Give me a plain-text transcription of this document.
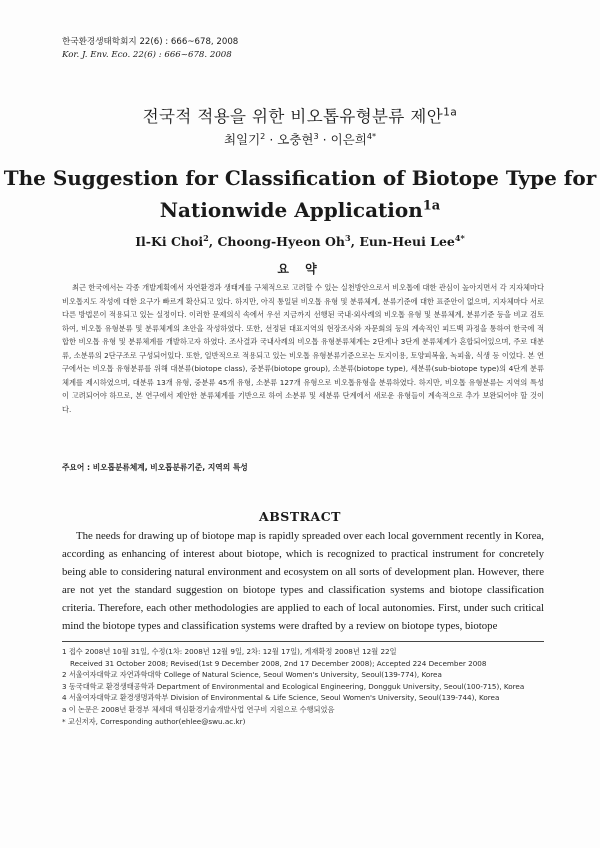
한국환경생태학회지 22(6) : 666~678, 2008
Kor. J. Env. Eco. 22(6) : 666~678. 2008
전국적 적용을 위한 비오톱유형분류 제안$^{1a}$
최일기$^2$ · 오충현$^3$ · 이은희$^{4*}$
The Suggestion for Classification of Biotope Type for
Nationwide Application$^{1a}$
Il-Ki Choi$^2$, Choong-Hyeon Oh$^3$, Eun-Heui Lee$^{4*}$
요 약
최근 한국에서는 각종 개발계획에서 자연환경과 생태계를 구체적으로 고려할 수 있는 실천방안으로서 비오톱에 대한 관심이 높아지면서 각 지자체마다 비오톱지도 작성에 대한 요구가 빠르게 확산되고 있다. 하지만, 아직 통일된 비오톱 유형 및 분류체계, 분류기준에 대한 표준안이 없으며, 지자체마다 서로 다른 방법론이 적용되고 있는 실정이다. 이러한 문제의식 속에서 우선 지금까지 선행된 국내·외사례의 비오톱 유형 및 분류체계, 분류기준 등을 비교 검토하여, 비오톱 유형분류 및 분류체계의 초안을 작성하였다. 또한, 선정된 대표지역의 현장조사와 자문회의 등의 계속적인 피드백 과정을 통하여 한국에 적합한 비오톱 유형 및 분류체계를 개발하고자 하였다. 조사결과 국내사례의 비오톱 유형분류체계는 2단계나 3단계 분류체계가 혼합되어있으며, 주로 대분류, 소분류의 2단구조로 구성되어있다. 또한, 일반적으로 적용되고 있는 비오톱 유형분류기준으로는 토지이용, 토양피복율, 녹피율, 식생 등 이었다. 본 연구에서는 비오톱 유형분류를 위해 대분류(biotope class), 중분류(biotope group), 소분류(biotope type), 세분류(sub-biotope type)의 4단계 분류체계를 제시하였으며, 대분류 13개 유형, 중분류 45개 유형, 소분류 127개 유형으로 비오톱유형을 분류하였다. 하지만, 비오톱 유형분류는 지역의 특성이 고려되어야 하므로, 본 연구에서 제안한 분류체계를 기반으로 하여 소분류 및 세분류 단계에서 새로운 유형들이 계속적으로 추가 보완되어야 할 것이다.
주요어 : 비오톱분류체계, 비오톱분류기준, 지역의 특성
ABSTRACT
The needs for drawing up of biotope map is rapidly spreaded over each local government recently in Korea, according as enhancing of interest about biotope, which is recognized to practical instrument for concretely being able to considering natural environment and ecosystem on all sorts of development plan. However, there are not yet the standard suggestion on biotope types and classification systems and biotope classification criteria. Therefore, each other methodologies are applied to each of local autonomies. First, under such critical mind the biotope types and classification systems were drafted by a review on biotope types, biotope
1 접수 2008년 10월 31일, 수정(1차: 2008년 12월 9일, 2차: 12월 17일), 게재확정 2008년 12월 22일
Received 31 October 2008; Revised(1st 9 December 2008, 2nd 17 December 2008); Accepted 224 December 2008
2 서울여자대학교 자연과학대학 College of Natural Science, Seoul Women's University, Seoul(139-774), Korea
3 동국대학교 환경생태공학과 Department of Environmental and Ecological Engineering, Dongguk University, Seoul(100-715), Korea
4 서울여자대학교 환경생명과학부 Division of Environmental & Life Science, Seoul Women's University, Seoul(139-744), Korea
a 이 논문은 2008년 환경부 체세대 핵심환경기술개발사업 연구비 지원으로 수행되었음
* 교신저자, Corresponding author(ehlee@swu.ac.kr)
